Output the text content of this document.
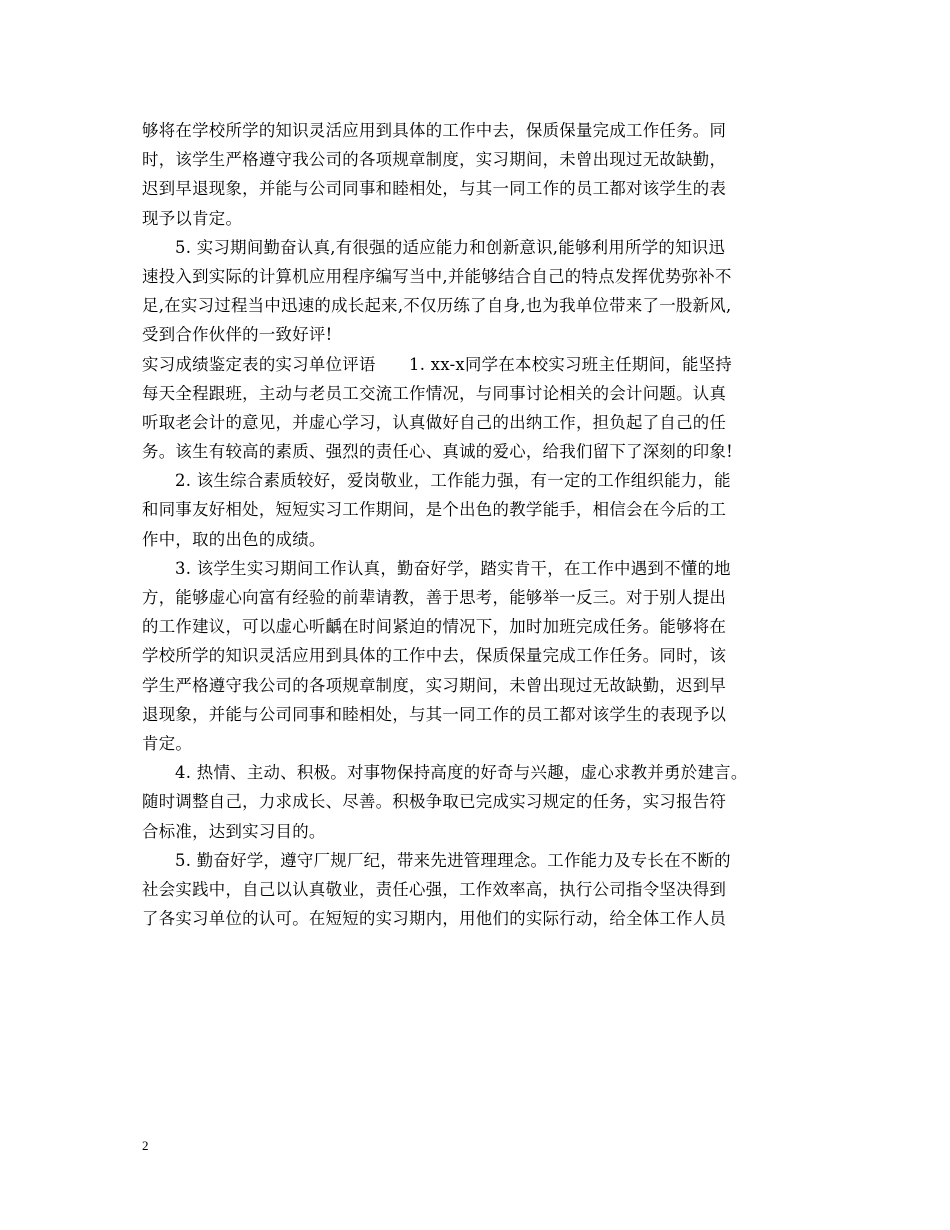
够将在学校所学的知识灵活应用到具体的工作中去，保质保量完成工作任务。同
时，该学生严格遵守我公司的各项规章制度，实习期间，未曾出现过无故缺勤，
迟到早退现象，并能与公司同事和睦相处，与其一同工作的员工都对该学生的表
现予以肯定。
5. 实习期间勤奋认真,有很强的适应能力和创新意识,能够利用所学的知识迅
速投入到实际的计算机应用程序编写当中,并能够结合自己的特点发挥优势弥补不
足,在实习过程当中迅速的成长起来,不仅历练了自身,也为我单位带来了一股新风,
受到合作伙伴的一致好评!
实习成绩鉴定表的实习单位评语　　1. xx-x同学在本校实习班主任期间，能坚持
每天全程跟班，主动与老员工交流工作情况，与同事讨论相关的会计问题。认真
听取老会计的意见，并虚心学习，认真做好自己的出纳工作，担负起了自己的任
务。该生有较高的素质、强烈的责任心、真诚的爱心，给我们留下了深刻的印象!
2. 该生综合素质较好，爱岗敬业，工作能力强，有一定的工作组织能力，能
和同事友好相处，短短实习工作期间，是个出色的教学能手，相信会在今后的工
作中，取的出色的成绩。
3. 该学生实习期间工作认真，勤奋好学，踏实肯干，在工作中遇到不懂的地
方，能够虚心向富有经验的前辈请教，善于思考，能够举一反三。对于别人提出
的工作建议，可以虚心听齲在时间紧迫的情况下，加时加班完成任务。能够将在
学校所学的知识灵活应用到具体的工作中去，保质保量完成工作任务。同时，该
学生严格遵守我公司的各项规章制度，实习期间，未曾出现过无故缺勤，迟到早
退现象，并能与公司同事和睦相处，与其一同工作的员工都对该学生的表现予以
肯定。
4. 热情、主动、积极。对事物保持高度的好奇与兴趣，虚心求教并勇於建言。
随时调整自己，力求成长、尽善。积极争取已完成实习规定的任务，实习报告符
合标准，达到实习目的。
5. 勤奋好学，遵守厂规厂纪，带来先进管理理念。工作能力及专长在不断的
社会实践中，自己以认真敬业，责任心强，工作效率高，执行公司指令坚决得到
了各实习单位的认可。在短短的实习期内，用他们的实际行动，给全体工作人员
2
